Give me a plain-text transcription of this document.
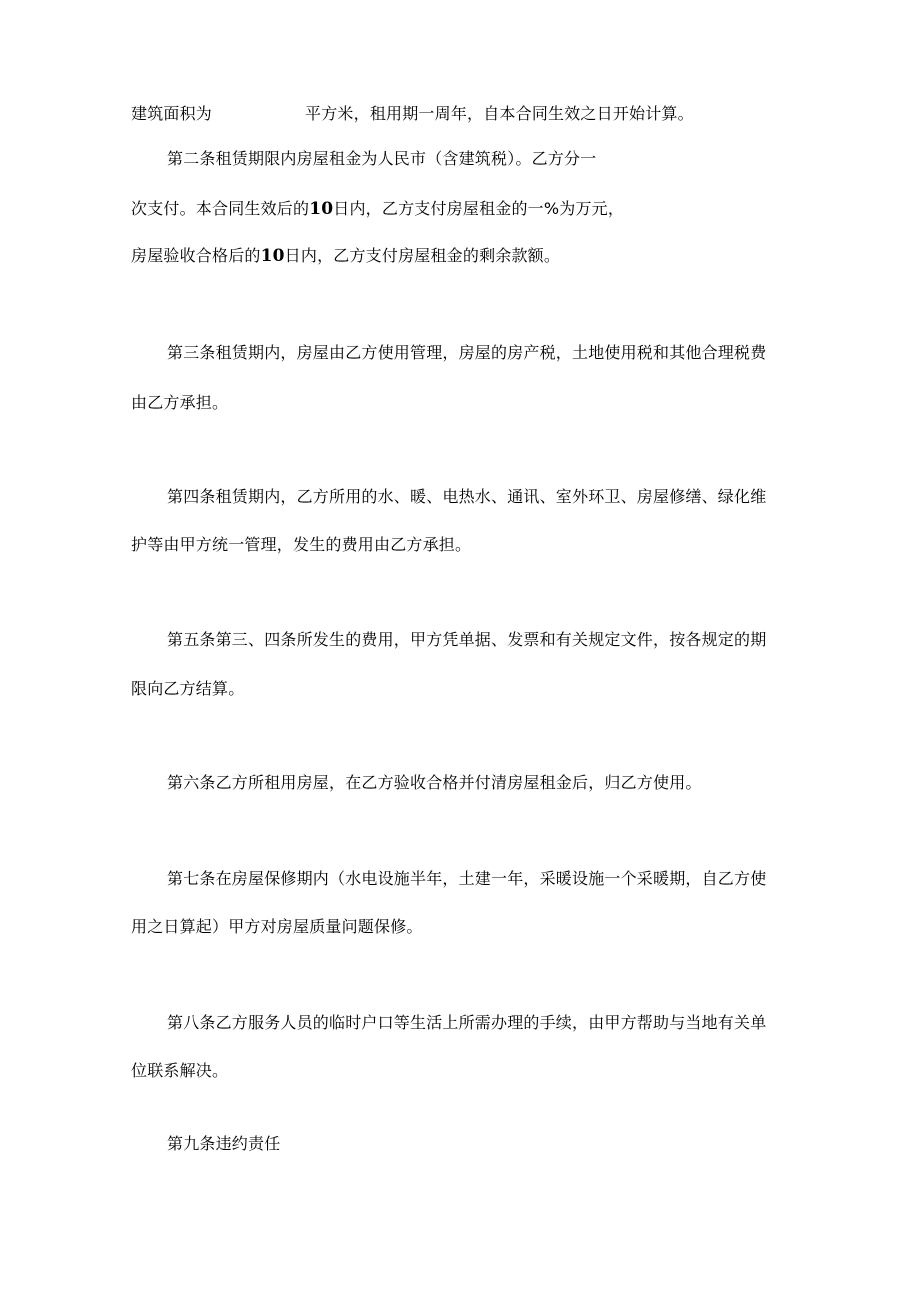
建筑面积为	平方米，租用期一周年，自本合同生效之日开始计算。
第二条租赁期限内房屋租金为人民市（含建筑税）。乙方分一
次支付。本合同生效后的10日内，乙方支付房屋租金的一%为万元，
房屋验收合格后的10日内，乙方支付房屋租金的剩余款额。
第三条租赁期内，房屋由乙方使用管理，房屋的房产税，土地使用税和其他合理税费
由乙方承担。
第四条租赁期内，乙方所用的水、暖、电热水、通讯、室外环卫、房屋修缮、绿化维
护等由甲方统一管理，发生的费用由乙方承担。
第五条第三、四条所发生的费用，甲方凭单据、发票和有关规定文件，按各规定的期
限向乙方结算。
第六条乙方所租用房屋，在乙方验收合格并付清房屋租金后，归乙方使用。
第七条在房屋保修期内（水电设施半年，土建一年，采暖设施一个采暖期，自乙方使
用之日算起）甲方对房屋质量问题保修。
第八条乙方服务人员的临时户口等生活上所需办理的手续，由甲方帮助与当地有关单
位联系解决。
第九条违约责任
